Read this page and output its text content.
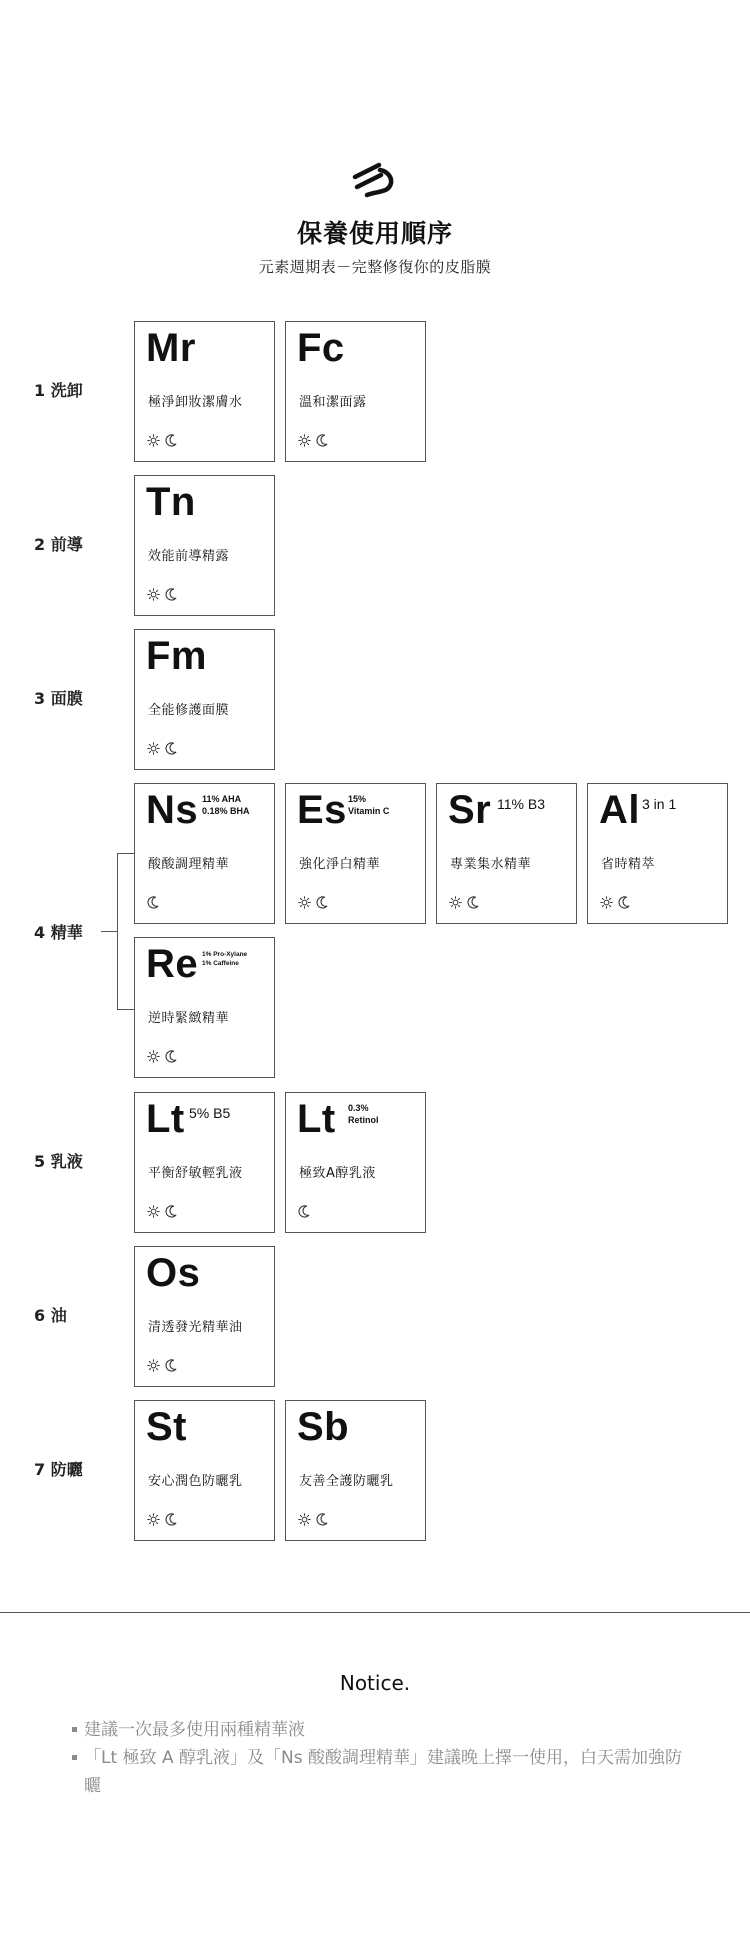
保養使用順序
元素週期表－完整修復你的皮脂膜
1 洗卸
2 前導
3 面膜
4 精華
5 乳液
6 油
7 防曬
Mr
極淨卸妝潔膚水
Fc
溫和潔面露
Tn
效能前導精露
Fm
全能修護面膜
Ns 11% AHA
0.18% BHA
酸酸調理精華
Es 15%
Vitamin C
強化淨白精華
Sr 11% B3
專業集水精華
Al 3 in 1
省時精萃
Re 1% Pro-Xylane
1% Caffeine
逆時緊緻精華
Lt 5% B5
平衡舒敏輕乳液
Lt 0.3%
Retinol
極致A醇乳液
Os
清透發光精華油
St
安心潤色防曬乳
Sb
友善全護防曬乳
Notice.
建議一次最多使用兩種精華液
「Lt 極致 A 醇乳液」及「Ns 酸酸調理精華」建議晚上擇一使用，白天需加強防曬
